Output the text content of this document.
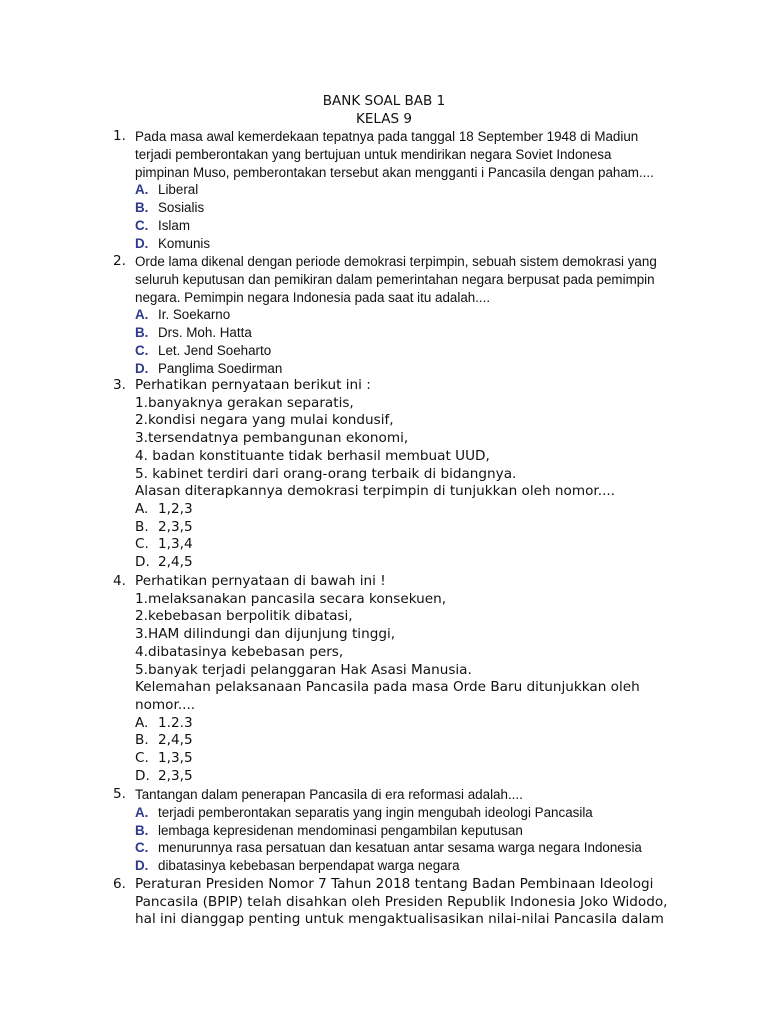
BANK SOAL BAB 1
KELAS 9
1. Pada masa awal kemerdekaan tepatnya pada tanggal 18 September 1948 di Madiun

terjadi pemberontakan yang bertujuan untuk mendirikan negara Soviet Indonesa

pimpinan Muso, pemberontakan tersebut akan mengganti i Pancasila dengan paham....

A. Liberal
B. Sosialis
C. Islam
D. Komunis
2. Orde lama dikenal dengan periode demokrasi terpimpin, sebuah sistem demokrasi yang

seluruh keputusan dan pemikiran dalam pemerintahan negara berpusat pada pemimpin

negara. Pemimpin negara Indonesia pada saat itu adalah....

A. Ir. Soekarno
B. Drs. Moh. Hatta
C. Let. Jend Soeharto
D. Panglima Soedirman
3. Perhatikan pernyataan berikut ini :

1.banyaknya gerakan separatis,

2.kondisi negara yang mulai kondusif,

3.tersendatnya pembangunan ekonomi,

4. badan konstituante tidak berhasil membuat UUD,

5. kabinet terdiri dari orang-orang terbaik di bidangnya.

Alasan diterapkannya demokrasi terpimpin di tunjukkan oleh nomor....

A. 1,2,3
B. 2,3,5
C. 1,3,4
D. 2,4,5
4. Perhatikan pernyataan di bawah ini !

1.melaksanakan pancasila secara konsekuen,

2.kebebasan berpolitik dibatasi,

3.HAM dilindungi dan dijunjung tinggi,

4.dibatasinya kebebasan pers,

5.banyak terjadi pelanggaran Hak Asasi Manusia.

Kelemahan pelaksanaan Pancasila pada masa Orde Baru ditunjukkan oleh

nomor....

A. 1.2.3
B. 2,4,5
C. 1,3,5
D. 2,3,5
5. Tantangan dalam penerapan Pancasila di era reformasi adalah....

A. terjadi pemberontakan separatis yang ingin mengubah ideologi Pancasila
B. lembaga kepresidenan mendominasi pengambilan keputusan
C. menurunnya rasa persatuan dan kesatuan antar sesama warga negara Indonesia
D. dibatasinya kebebasan berpendapat warga negara
6. Peraturan Presiden Nomor 7 Tahun 2018 tentang Badan Pembinaan Ideologi

Pancasila (BPIP) telah disahkan oleh Presiden Republik Indonesia Joko Widodo,

hal ini dianggap penting untuk mengaktualisasikan nilai-nilai Pancasila dalam
